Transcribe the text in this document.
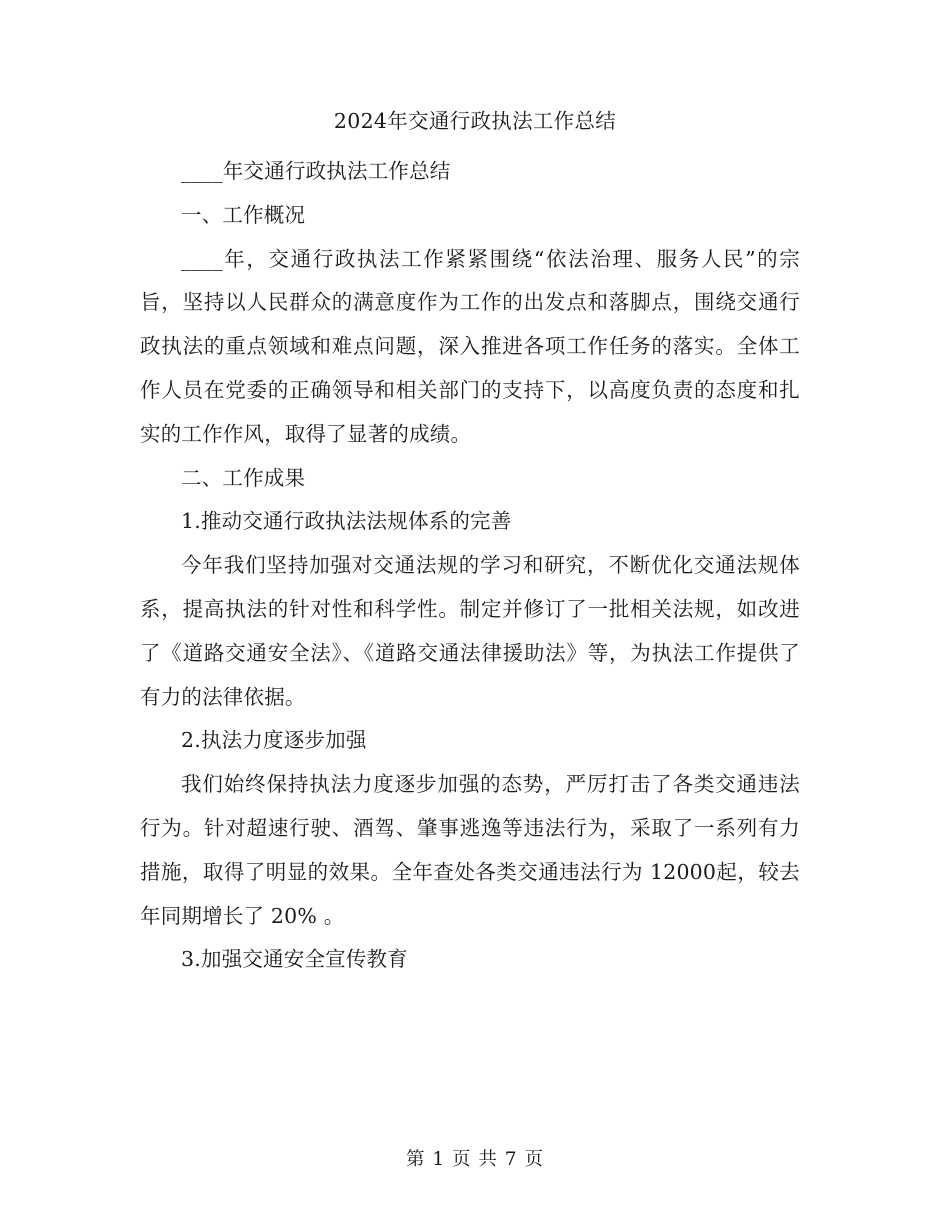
2024年交通行政执法工作总结

____年交通行政执法工作总结

一、工作概况

____年，交通行政执法工作紧紧围绕“依法治理、服务人民”的宗旨，坚持以人民群众的满意度作为工作的出发点和落脚点，围绕交通行政执法的重点领域和难点问题，深入推进各项工作任务的落实。全体工作人员在党委的正确领导和相关部门的支持下，以高度负责的态度和扎实的工作作风，取得了显著的成绩。

二、工作成果

1.推动交通行政执法法规体系的完善

今年我们坚持加强对交通法规的学习和研究，不断优化交通法规体系，提高执法的针对性和科学性。制定并修订了一批相关法规，如改进了《道路交通安全法》、《道路交通法律援助法》等，为执法工作提供了有力的法律依据。

2.执法力度逐步加强

我们始终保持执法力度逐步加强的态势，严厉打击了各类交通违法行为。针对超速行驶、酒驾、肇事逃逸等违法行为，采取了一系列有力措施，取得了明显的效果。全年查处各类交通违法行为 12000起，较去年同期增长了 20% 。

3.加强交通安全宣传教育

第 1 页 共 7 页
